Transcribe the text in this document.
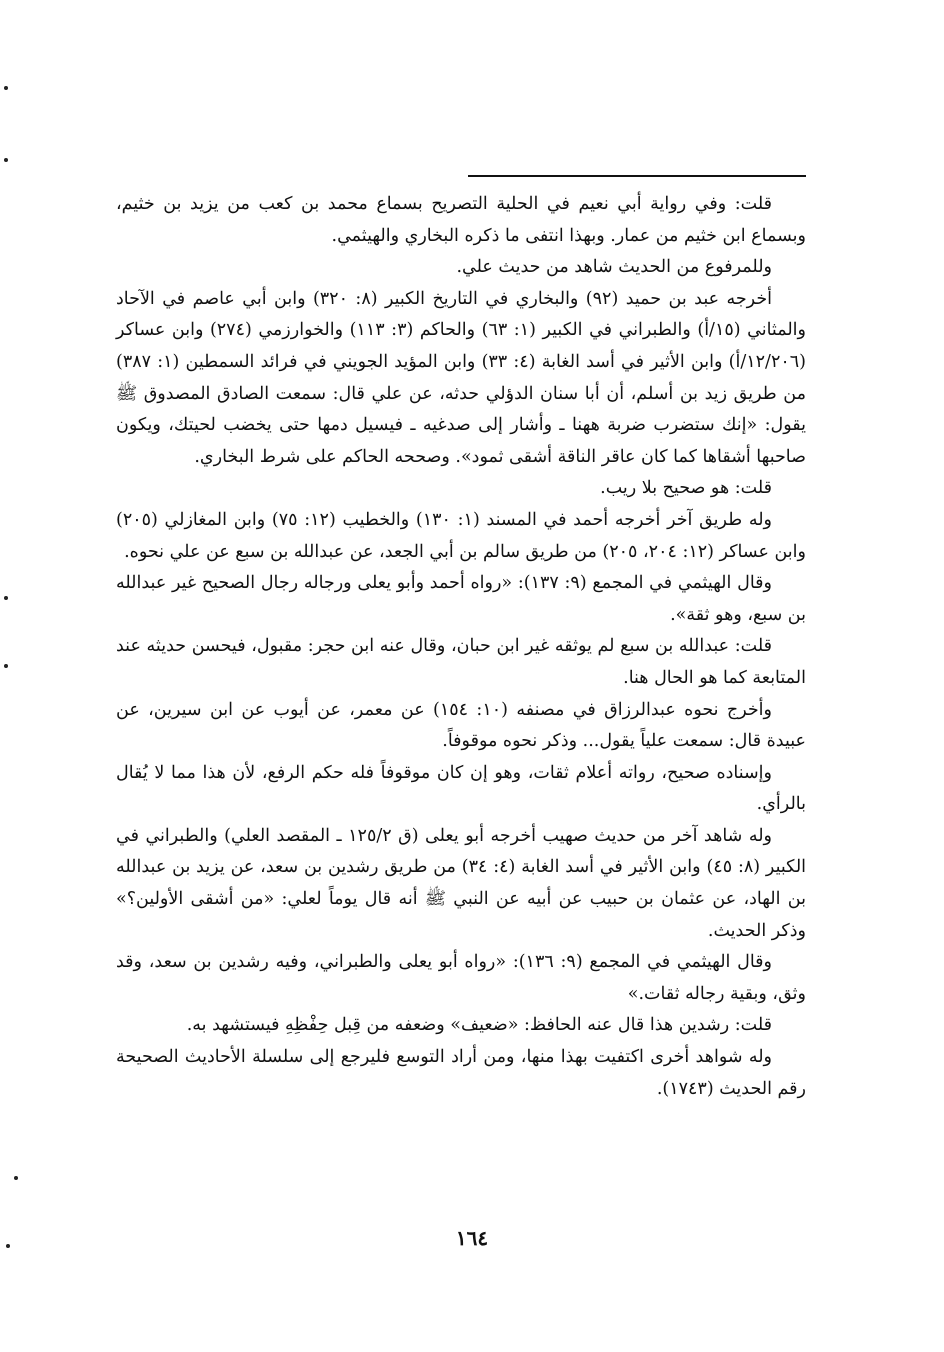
قلت: وفي رواية أبي نعيم في الحلية التصريح بسماع محمد بن كعب من يزيد بن خثيم، وبسماع ابن خثيم من عمار. وبهذا انتفى ما ذكره البخاري والهيثمي.

وللمرفوع من الحديث شاهد من حديث علي.

أخرجه عبد بن حميد (٩٢) والبخاري في التاريخ الكبير (٨: ٣٢٠) وابن أبي عاصم في الآحاد والمثاني (١٥/أ) والطبراني في الكبير (١: ٦٣) والحاكم (٣: ١١٣) والخوارزمي (٢٧٤) وابن عساكر (١٢/٢٠٦/أ) وابن الأثير في أسد الغابة (٤: ٣٣) وابن المؤيد الجويني في فرائد السمطين (١: ٣٨٧) من طريق زيد بن أسلم، أن أبا سنان الدؤلي حدثه، عن علي قال: سمعت الصادق المصدوق ﷺ يقول: «إنك ستضرب ضربة ههنا ـ وأشار إلى صدغيه ـ فيسيل دمها حتى يخضب لحيتك، ويكون صاحبها أشقاها كما كان عاقر الناقة أشقى ثمود». وصححه الحاكم على شرط البخاري.

قلت: هو صحيح بلا ريب.

وله طريق آخر أخرجه أحمد في المسند (١: ١٣٠) والخطيب (١٢: ٧٥) وابن المغازلي (٢٠٥) وابن عساكر (١٢: ٢٠٤، ٢٠٥) من طريق سالم بن أبي الجعد، عن عبدالله بن سبع عن علي نحوه.

وقال الهيثمي في المجمع (٩: ١٣٧): «رواه أحمد وأبو يعلى ورجاله رجال الصحيح غير عبدالله بن سبع، وهو ثقة».

قلت: عبدالله بن سبع لم يوثقه غير ابن حبان، وقال عنه ابن حجر: مقبول، فيحسن حديثه عند المتابعة كما هو الحال هنا.

وأخرج نحوه عبدالرزاق في مصنفه (١٠: ١٥٤) عن معمر، عن أيوب عن ابن سيرين، عن عبيدة قال: سمعت علياً يقول... وذكر نحوه موقوفاً.

وإسناده صحيح، رواته أعلام ثقات، وهو إن كان موقوفاً فله حكم الرفع، لأن هذا مما لا يُقال بالرأي.

وله شاهد آخر من حديث صهيب أخرجه أبو يعلى (ق ١٢٥/٢ ـ المقصد العلي) والطبراني في الكبير (٨: ٤٥) وابن الأثير في أسد الغابة (٤: ٣٤) من طريق رشدين بن سعد، عن يزيد بن عبدالله بن الهاد، عن عثمان بن حبيب عن أبيه عن النبي ﷺ أنه قال يوماً لعلي: «من أشقى الأولين؟» وذكر الحديث.

وقال الهيثمي في المجمع (٩: ١٣٦): «رواه أبو يعلى والطبراني، وفيه رشدين بن سعد، وقد وثق، وبقية رجاله ثقات.»

قلت: رشدين هذا قال عنه الحافظ: «ضعيف» وضعفه من قِبل حِفْظِهِ فيستشهد به.

وله شواهد أخرى اكتفيت بهذا منها، ومن أراد التوسع فليرجع إلى سلسلة الأحاديث الصحيحة رقم الحديث (١٧٤٣).

١٦٤
